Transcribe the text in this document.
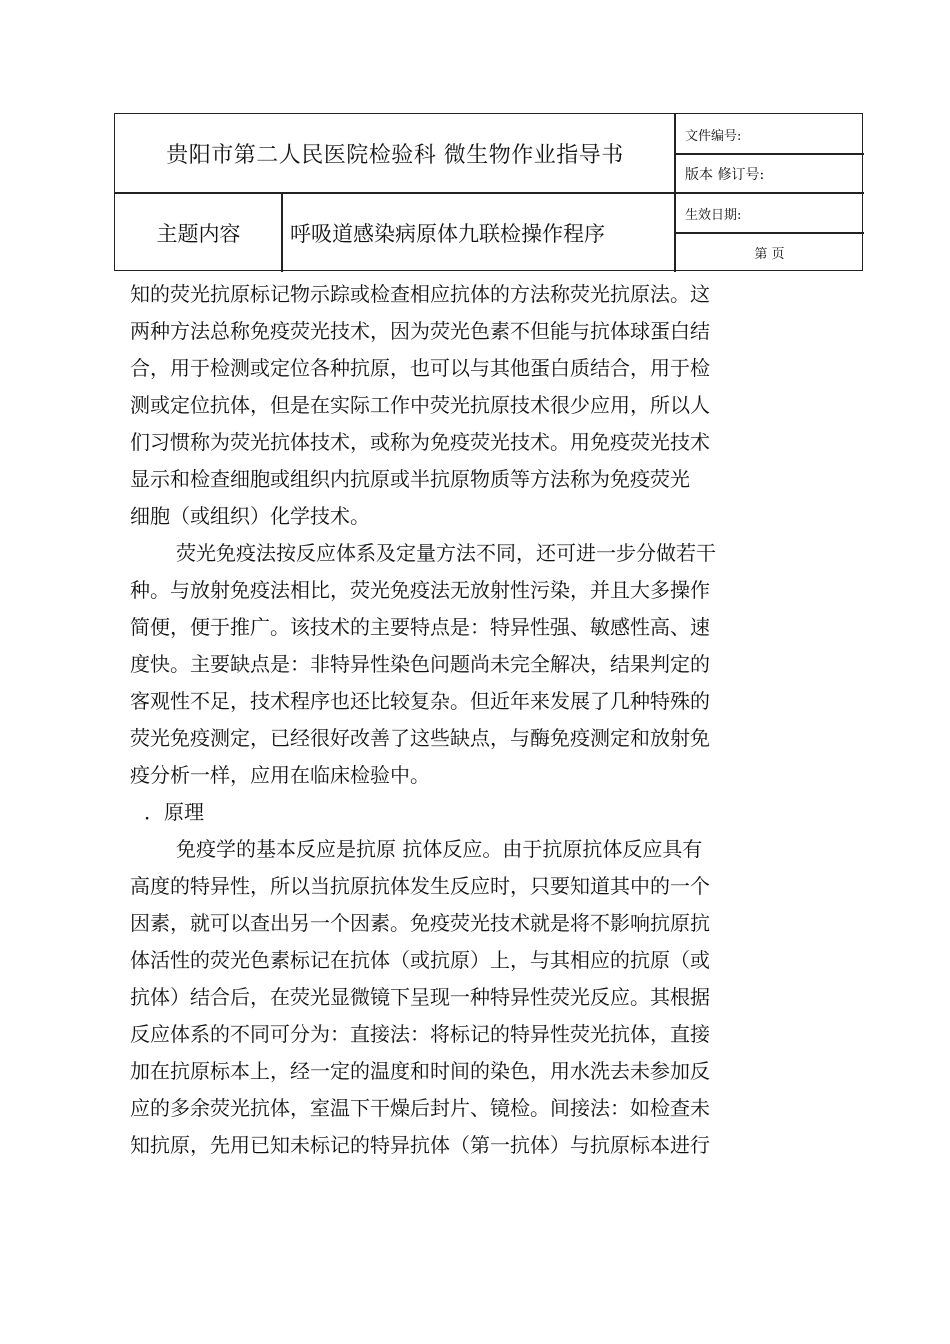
贵阳市第二人民医院检验科 微生物作业指导书
主题内容	呼吸道感染病原体九联检操作程序
文件编号:
版本 修订号:
生效日期:
第 页
知的荧光抗原标记物示踪或检查相应抗体的方法称荧光抗原法。这
两种方法总称免疫荧光技术，因为荧光色素不但能与抗体球蛋白结
合，用于检测或定位各种抗原，也可以与其他蛋白质结合，用于检
测或定位抗体，但是在实际工作中荧光抗原技术很少应用，所以人
们习惯称为荧光抗体技术，或称为免疫荧光技术。用免疫荧光技术
显示和检查细胞或组织内抗原或半抗原物质等方法称为免疫荧光
细胞（或组织）化学技术。
荧光免疫法按反应体系及定量方法不同，还可进一步分做若干
种。与放射免疫法相比，荧光免疫法无放射性污染，并且大多操作
简便，便于推广。该技术的主要特点是：特异性强、敏感性高、速
度快。主要缺点是：非特异性染色问题尚未完全解决，结果判定的
客观性不足，技术程序也还比较复杂。但近年来发展了几种特殊的
荧光免疫测定，已经很好改善了这些缺点，与酶免疫测定和放射免
疫分析一样，应用在临床检验中。
．原理
免疫学的基本反应是抗原 抗体反应。由于抗原抗体反应具有
高度的特异性，所以当抗原抗体发生反应时，只要知道其中的一个
因素，就可以查出另一个因素。免疫荧光技术就是将不影响抗原抗
体活性的荧光色素标记在抗体（或抗原）上，与其相应的抗原（或
抗体）结合后，在荧光显微镜下呈现一种特异性荧光反应。其根据
反应体系的不同可分为：直接法：将标记的特异性荧光抗体，直接
加在抗原标本上，经一定的温度和时间的染色，用水洗去未参加反
应的多余荧光抗体，室温下干燥后封片、镜检。间接法：如检查未
知抗原，先用已知未标记的特异抗体（第一抗体）与抗原标本进行
